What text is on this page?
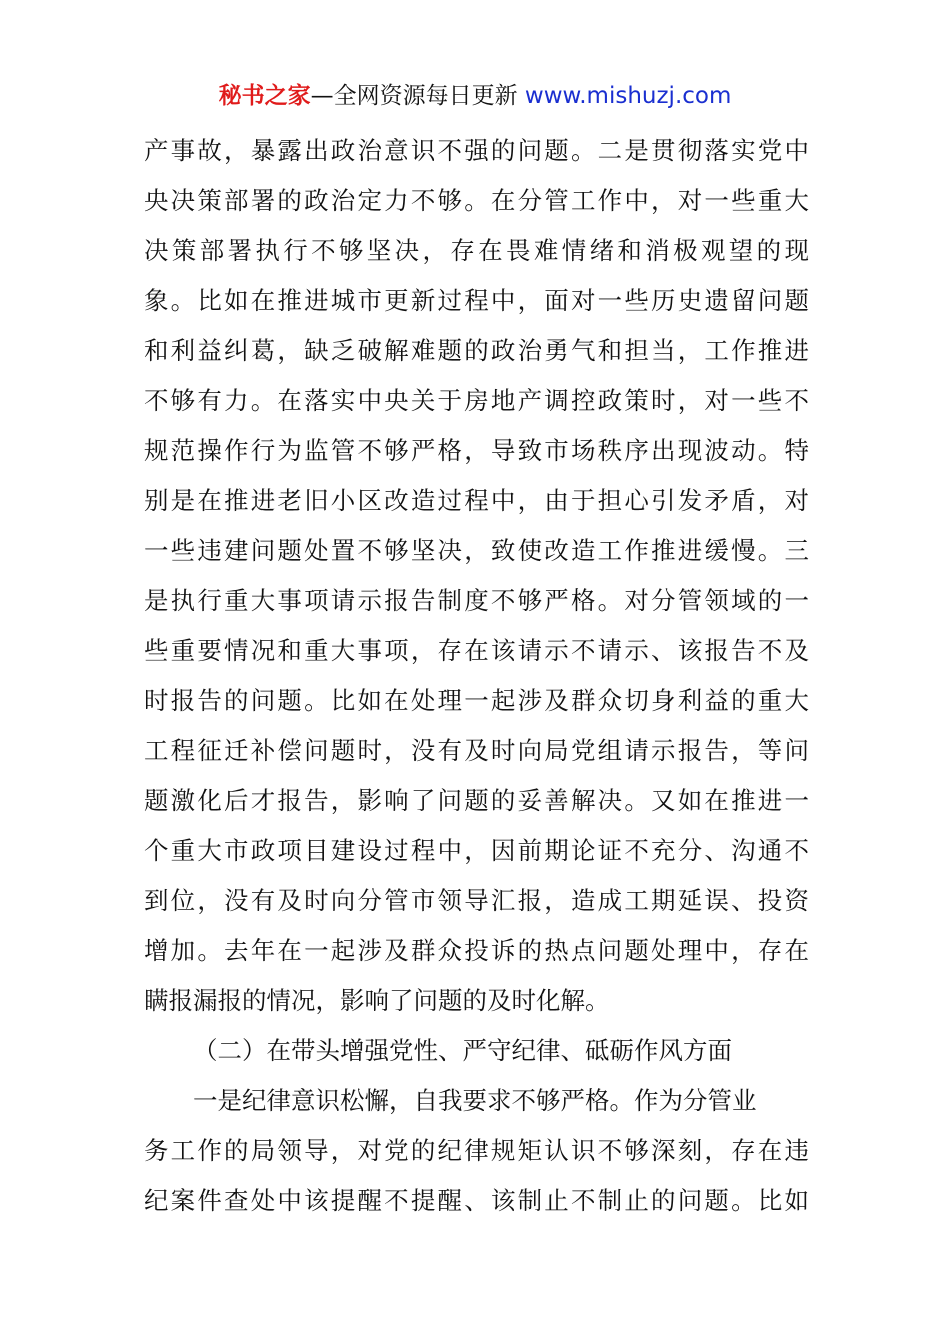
秘书之家—全网资源每日更新 www.mishuzj.com
产事故，暴露出政治意识不强的问题。二是贯彻落实党中
央决策部署的政治定力不够。在分管工作中，对一些重大
决策部署执行不够坚决，存在畏难情绪和消极观望的现
象。比如在推进城市更新过程中，面对一些历史遗留问题
和利益纠葛，缺乏破解难题的政治勇气和担当，工作推进
不够有力。在落实中央关于房地产调控政策时，对一些不
规范操作行为监管不够严格，导致市场秩序出现波动。特
别是在推进老旧小区改造过程中，由于担心引发矛盾，对
一些违建问题处置不够坚决，致使改造工作推进缓慢。三
是执行重大事项请示报告制度不够严格。对分管领域的一
些重要情况和重大事项，存在该请示不请示、该报告不及
时报告的问题。比如在处理一起涉及群众切身利益的重大
工程征迁补偿问题时，没有及时向局党组请示报告，等问
题激化后才报告，影响了问题的妥善解决。又如在推进一
个重大市政项目建设过程中，因前期论证不充分、沟通不
到位，没有及时向分管市领导汇报，造成工期延误、投资
增加。去年在一起涉及群众投诉的热点问题处理中，存在
瞒报漏报的情况，影响了问题的及时化解。
（二）在带头增强党性、严守纪律、砥砺作风方面
一是纪律意识松懈，自我要求不够严格。作为分管业
务工作的局领导，对党的纪律规矩认识不够深刻，存在违
纪案件查处中该提醒不提醒、该制止不制止的问题。比如
